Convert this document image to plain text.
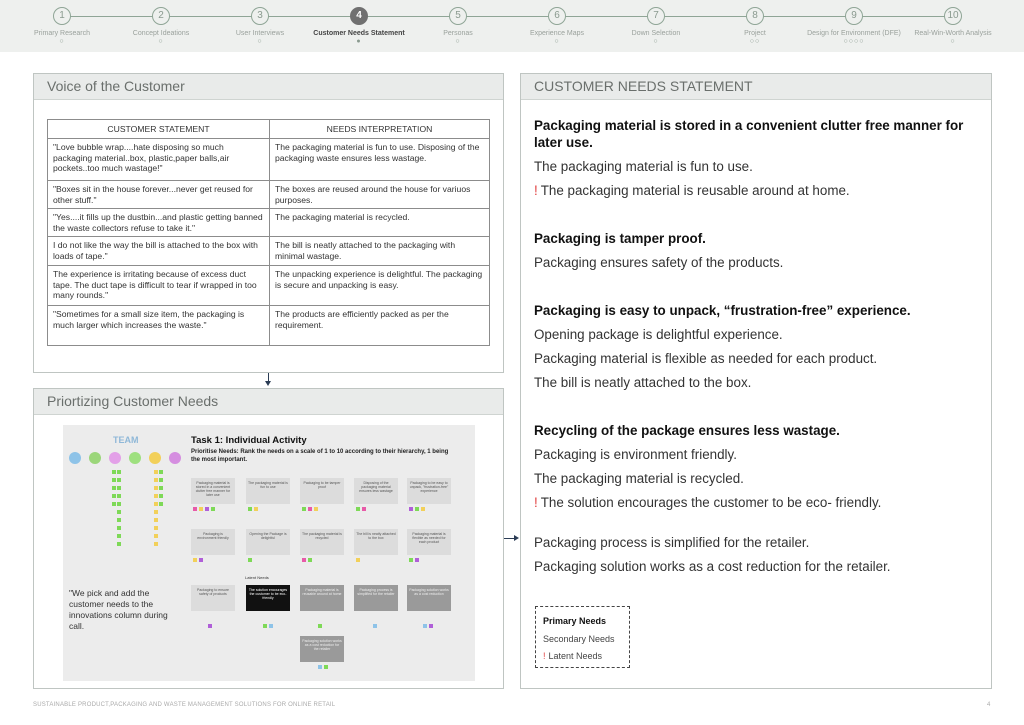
1
Primary Research
○
2
Concept Ideations
○
3
User Interviews
○
4
Customer Needs Statement
●
5
Personas
○
6
Experience Maps
○
7
Down Selection
○
8
Project
○○
9
Design for Environment (DFE)
○○○○
10
Real-Win-Worth Analysis
○
Voice of the Customer
CUSTOMER STATEMENT	NEEDS INTERPRETATION
"Love bubble wrap....hate disposing so much packaging material..box, plastic,paper balls,air pockets..too much wastage!"	The packaging material is fun to use. Disposing of the packaging waste ensures less wastage.
"Boxes sit in the house forever...never get reused for other stuff."	The boxes are reused around the house for variuos purposes.
"Yes....it fills up the dustbin...and plastic getting banned the waste collectors refuse to take it."	The packaging material is recycled.
I do not like the way the bill is attached to the box with loads of tape."	The bill is neatly attached to the packaging with minimal wastage.
The experience is irritating because of excess duct tape. The duct tape is difficult to tear if wrapped in too many rounds."	The unpacking experience is delightful. The packaging is secure and unpacking is easy.
"Sometimes for a small size item, the packaging is much larger which increases the waste."	The products are efficiently packed as per the requirement.
Priortizing Customer Needs
TEAM	Task 1: Individual Activity
Prioritise Needs: Rank the needs on a scale of 1 to 10 according to their hierarchy, 1 being the most important.
Packaging material is stored in a convenient clutter free manner for later use
The packaging material is fun to use
Packaging to be tamper proof
Disposing of the packaging material ensures less wastage
Packaging to be easy to unpack, "frustration-free" experience
Packaging is environment friendly
Opening the Package is delightful
The packaging material is recycled
The bill is neatly attached to the box
Packaging material is flexible as needed for each product
Latent Needs
Packaging to ensure safety of products
The solution encourages the customer to be eco-friendly
Packaging material is reusable around at home
Packaging process is simplified for the retailer
Packaging solution works as a cost reduction
Packaging solution works as a cost reduction for the retailer
"We pick and add the customer needs to the innovations column during call.
CUSTOMER NEEDS STATEMENT
Packaging material is stored in a convenient clutter free manner for later use.
The packaging material is fun to use.
! The packaging material is reusable around at home.
Packaging is tamper proof.
Packaging ensures safety of the products.
Packaging is easy to unpack, “frustration-free” experience.
Opening package is delightful experience.
Packaging material is flexible as needed for each product.
The bill is neatly attached to the box.
Recycling of the package ensures less wastage.
Packaging is environment friendly.
The packaging material is recycled.
! The solution encourages the customer to be eco- friendly.
Packaging process is simplified for the retailer.
Packaging solution works as a cost reduction for the retailer.
Primary Needs
Secondary Needs
! Latent Needs
SUSTAINABLE PRODUCT,PACKAGING AND WASTE MANAGEMENT SOLUTIONS FOR ONLINE RETAIL	4
